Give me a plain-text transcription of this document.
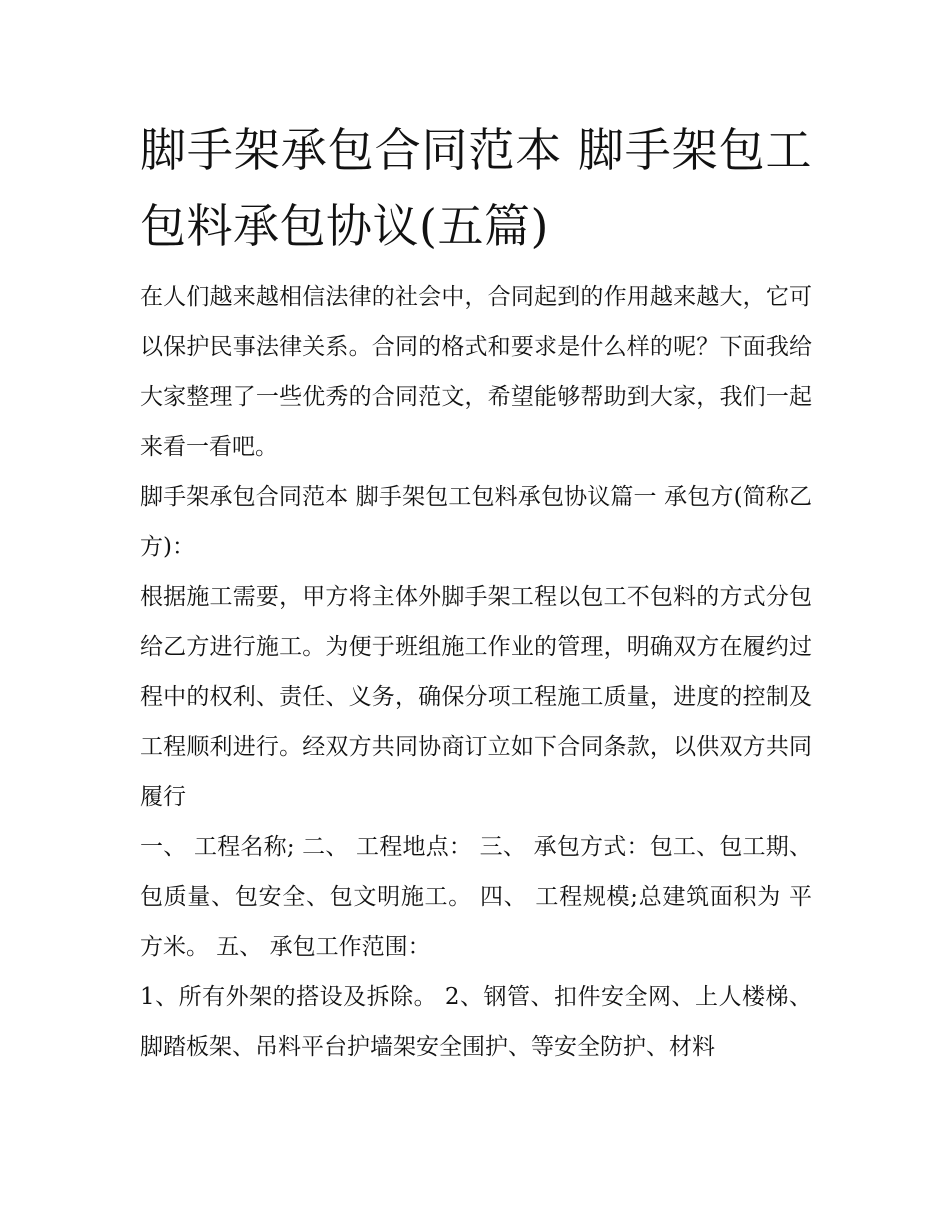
脚手架承包合同范本 脚手架包工包料承包协议(五篇)

在人们越来越相信法律的社会中，合同起到的作用越来越大，它可以保护民事法律关系。合同的格式和要求是什么样的呢？下面我给大家整理了一些优秀的合同范文，希望能够帮助到大家，我们一起来看一看吧。

脚手架承包合同范本 脚手架包工包料承包协议篇一 承包方(简称乙方)：

根据施工需要，甲方将主体外脚手架工程以包工不包料的方式分包给乙方进行施工。为便于班组施工作业的管理，明确双方在履约过程中的权利、责任、义务，确保分项工程施工质量，进度的控制及工程顺利进行。经双方共同协商订立如下合同条款，以供双方共同履行

一、 工程名称; 二、 工程地点： 三、 承包方式：包工、包工期、包质量、包安全、包文明施工。 四、 工程规模;总建筑面积为 平方米。 五、 承包工作范围：

1、所有外架的搭设及拆除。 2、钢管、扣件安全网、上人楼梯、脚踏板架、吊料平台护墙架安全围护、等安全防护、材料
